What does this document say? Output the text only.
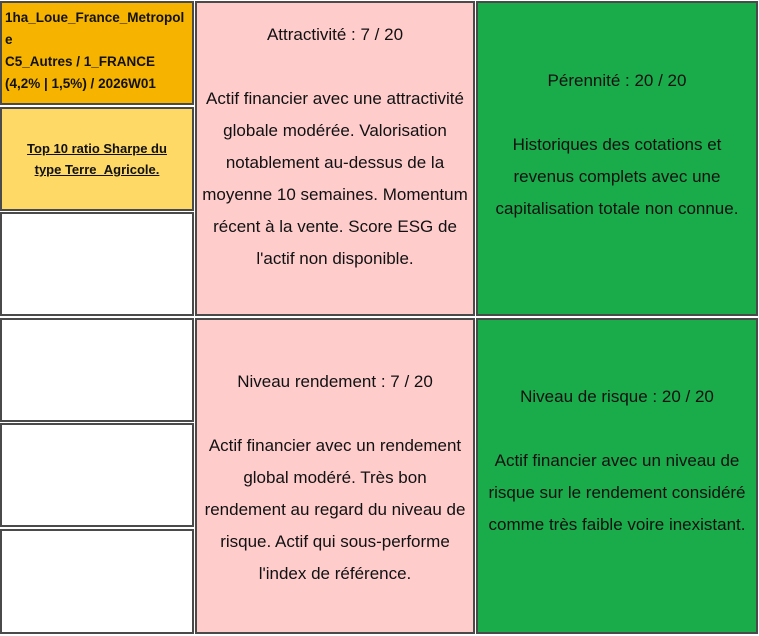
1ha_Loue_France_Metropole
C5_Autres / 1_FRANCE
(4,2% | 1,5%) / 2026W01
Top 10 ratio Sharpe du type Terre_Agricole.

Attractivité : 7 / 20

Actif financier avec une attractivité globale modérée. Valorisation notablement au-dessus de la moyenne 10 semaines. Momentum récent à la vente. Score ESG de l'actif non disponible.

Pérennité : 20 / 20

Historiques des cotations et revenus complets avec une capitalisation totale non connue.

Niveau rendement : 7 / 20

Actif financier avec un rendement global modéré. Très bon rendement au regard du niveau de risque. Actif qui sous-performe l'index de référence.

Niveau de risque : 20 / 20

Actif financier avec un niveau de risque sur le rendement considéré comme très faible voire inexistant.
